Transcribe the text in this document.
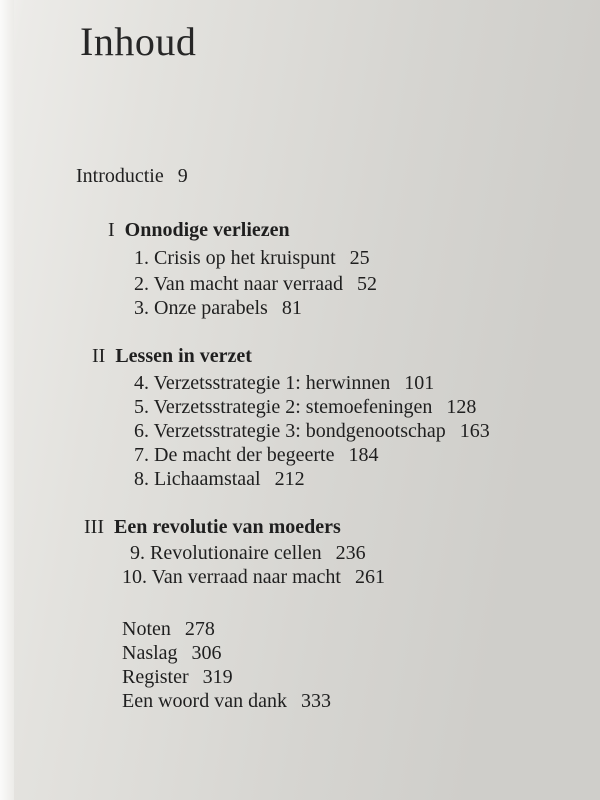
Inhoud
Introductie 9
I Onnodige verliezen
1. Crisis op het kruispunt 25
2. Van macht naar verraad 52
3. Onze parabels 81
II Lessen in verzet
4. Verzetsstrategie 1: herwinnen 101
5. Verzetsstrategie 2: stemoefeningen 128
6. Verzetsstrategie 3: bondgenootschap 163
7. De macht der begeerte 184
8. Lichaamstaal 212
III Een revolutie van moeders
9. Revolutionaire cellen 236
10. Van verraad naar macht 261
Noten 278
Naslag 306
Register 319
Een woord van dank 333
